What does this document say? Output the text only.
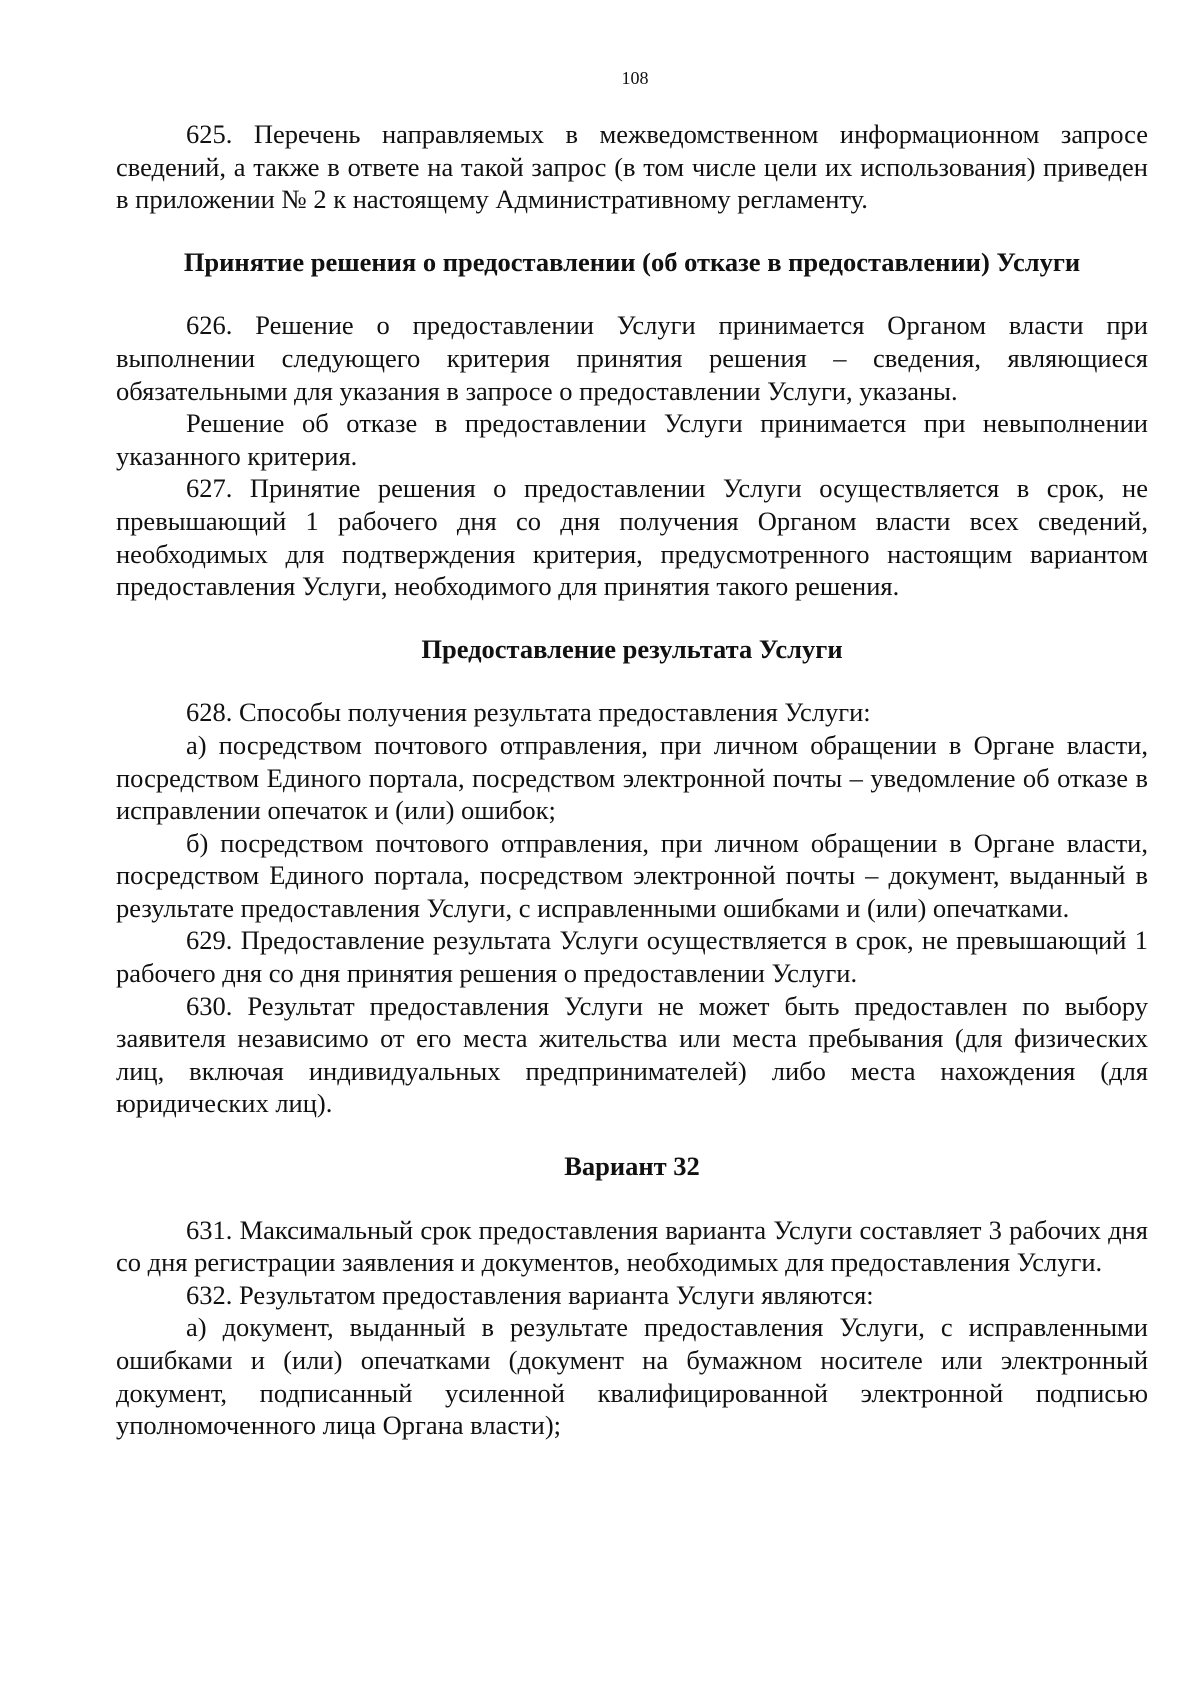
108

625. Перечень направляемых в межведомственном информационном запросе сведений, а также в ответе на такой запрос (в том числе цели их использования) приведен в приложении № 2 к настоящему Административному регламенту.

Принятие решения о предоставлении (об отказе в предоставлении) Услуги

626. Решение о предоставлении Услуги принимается Органом власти при выполнении следующего критерия принятия решения – сведения, являющиеся обязательными для указания в запросе о предоставлении Услуги, указаны.

Решение об отказе в предоставлении Услуги принимается при невыполнении указанного критерия.

627. Принятие решения о предоставлении Услуги осуществляется в срок, не превышающий 1 рабочего дня со дня получения Органом власти всех сведений, необходимых для подтверждения критерия, предусмотренного настоящим вариантом предоставления Услуги, необходимого для принятия такого решения.

Предоставление результата Услуги

628. Способы получения результата предоставления Услуги:

а) посредством почтового отправления, при личном обращении в Органе власти, посредством Единого портала, посредством электронной почты – уведомление об отказе в исправлении опечаток и (или) ошибок;

б) посредством почтового отправления, при личном обращении в Органе власти, посредством Единого портала, посредством электронной почты – документ, выданный в результате предоставления Услуги, с исправленными ошибками и (или) опечатками.

629. Предоставление результата Услуги осуществляется в срок, не превышающий 1 рабочего дня со дня принятия решения о предоставлении Услуги.

630. Результат предоставления Услуги не может быть предоставлен по выбору заявителя независимо от его места жительства или места пребывания (для физических лиц, включая индивидуальных предпринимателей) либо места нахождения (для юридических лиц).

Вариант 32

631. Максимальный срок предоставления варианта Услуги составляет 3 рабочих дня со дня регистрации заявления и документов, необходимых для предоставления Услуги.

632. Результатом предоставления варианта Услуги являются:

а) документ, выданный в результате предоставления Услуги, с исправленными ошибками и (или) опечатками (документ на бумажном носителе или электронный документ, подписанный усиленной квалифицированной электронной подписью уполномоченного лица Органа власти);
